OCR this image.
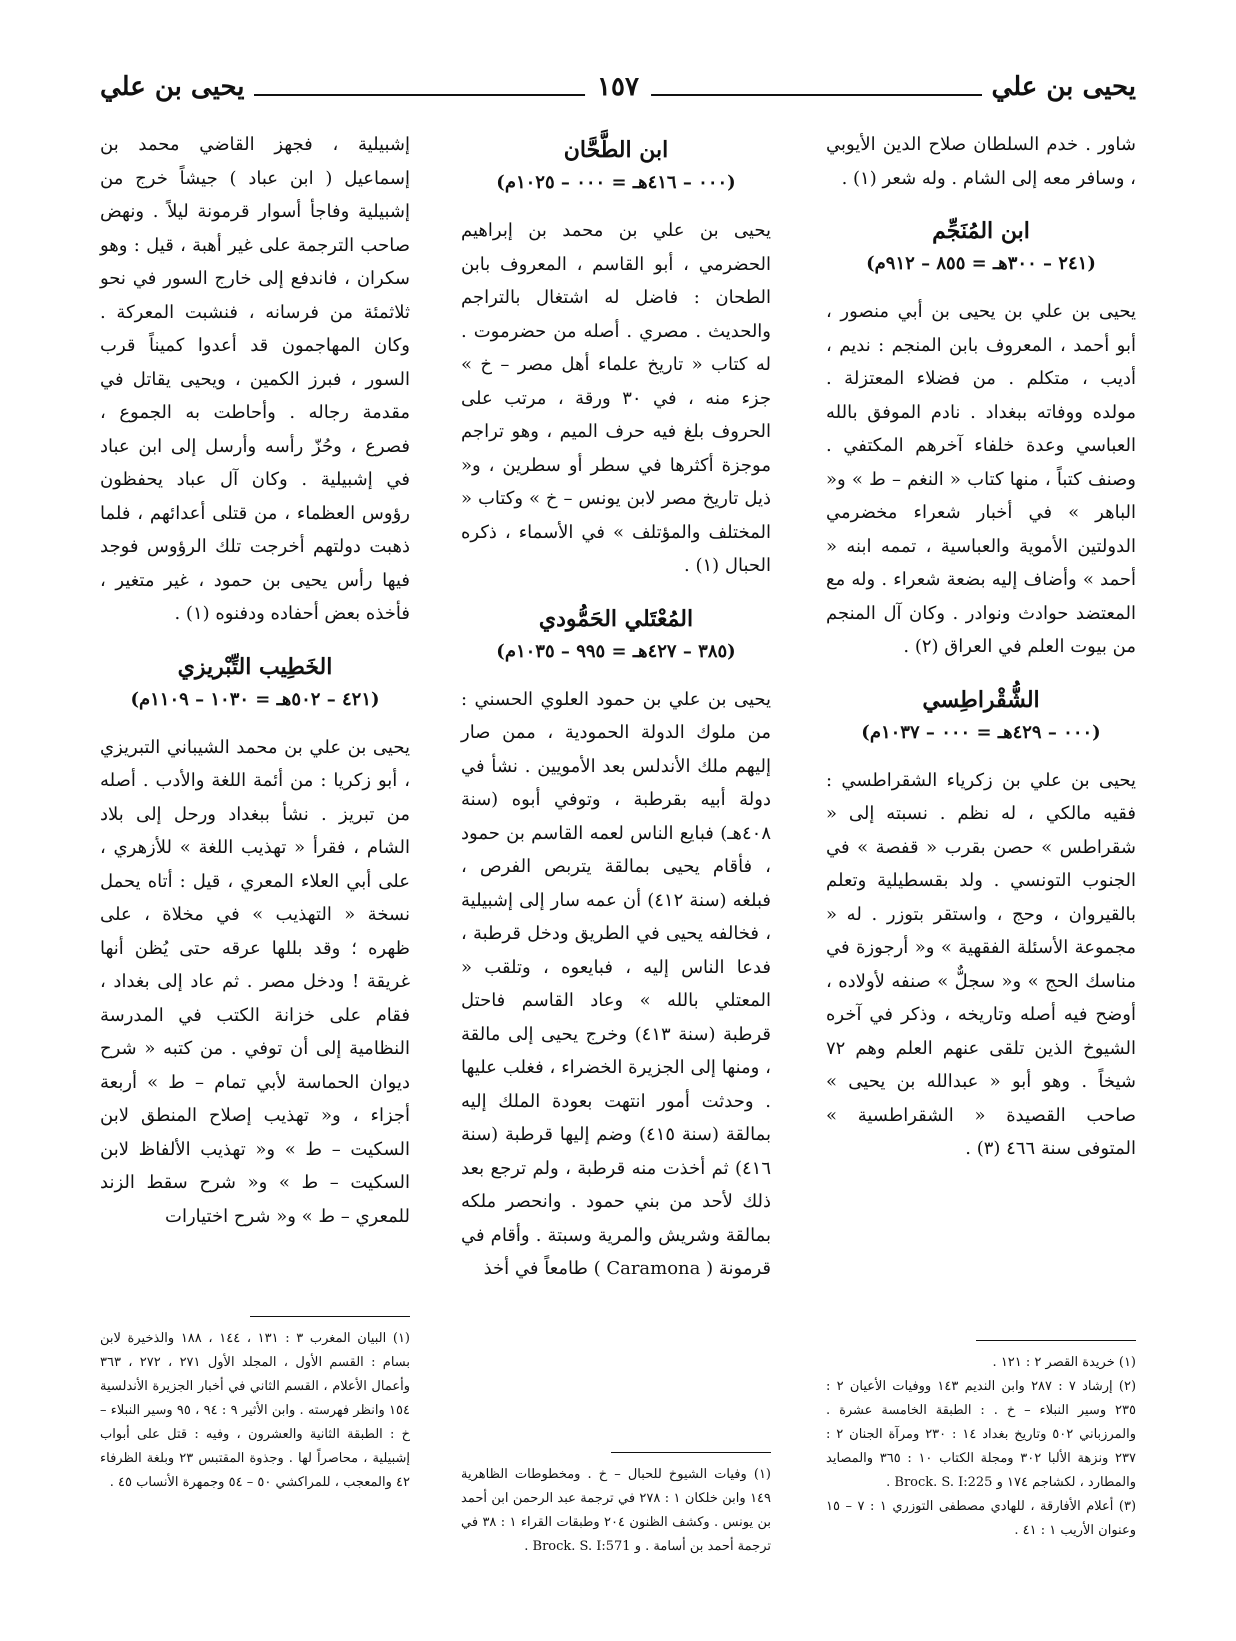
يحيى بن علي
١٥٧
يحيى بن علي

شاور . خدم السلطان صلاح الدين الأيوبي ، وسافر معه إلى الشام . وله شعر (١) .

ابن المُنَجِّم
(٢٤١ – ٣٠٠هـ = ٨٥٥ – ٩١٢م)

يحيى بن علي بن يحيى بن أبي منصور ، أبو أحمد ، المعروف بابن المنجم : نديم ، أديب ، متكلم . من فضلاء المعتزلة . مولده ووفاته ببغداد . نادم الموفق بالله العباسي وعدة خلفاء آخرهم المكتفي . وصنف كتباً ، منها كتاب « النغم – ط » و« الباهر » في أخبار شعراء مخضرمي الدولتين الأموية والعباسية ، تممه ابنه « أحمد » وأضاف إليه بضعة شعراء . وله مع المعتضد حوادث ونوادر . وكان آل المنجم من بيوت العلم في العراق (٢) .

الشُّقْراطِسي
(٠٠٠ – ٤٢٩هـ = ٠٠٠ – ١٠٣٧م)

يحيى بن علي بن زكرياء الشقراطسي : فقيه مالكي ، له نظم . نسبته إلى « شقراطس » حصن بقرب « قفصة » في الجنوب التونسي . ولد بقسطيلية وتعلم بالقيروان ، وحج ، واستقر بتوزر . له « مجموعة الأسئلة الفقهية » و« أرجوزة في مناسك الحج » و« سجلٌّ » صنفه لأولاده ، أوضح فيه أصله وتاريخه ، وذكر في آخره الشيوخ الذين تلقى عنهم العلم وهم ٧٢ شيخاً . وهو أبو « عبدالله بن يحيى » صاحب القصيدة « الشقراطسية » المتوفى سنة ٤٦٦ (٣) .

(١) خريدة القصر ٢ : ١٢١ .

(٢) إرشاد ٧ : ٢٨٧ وابن النديم ١٤٣ ووفيات الأعيان ٢ : ٢٣٥ وسير النبلاء – خ . : الطبقة الخامسة عشرة . والمرزباني ٥٠٢ وتاريخ بغداد ١٤ : ٢٣٠ ومرآة الجنان ٢ : ٢٣٧ ونزهة الألبا ٣٠٢ ومجلة الكتاب ١٠ : ٣٦٥ والمصايد والمطارد ، لكشاجم ١٧٤ و Brock. S. I:225 .

(٣) أعلام الأفارقة ، للهادي مصطفى التوزري ١ : ٧ – ١٥ وعنوان الأريب ١ : ٤١ .

ابن الطَّحَّان
(٠٠٠ – ٤١٦هـ = ٠٠٠ – ١٠٢٥م)

يحيى بن علي بن محمد بن إبراهيم الحضرمي ، أبو القاسم ، المعروف بابن الطحان : فاضل له اشتغال بالتراجم والحديث . مصري . أصله من حضرموت . له كتاب « تاريخ علماء أهل مصر – خ » جزء منه ، في ٣٠ ورقة ، مرتب على الحروف بلغ فيه حرف الميم ، وهو تراجم موجزة أكثرها في سطر أو سطرين ، و« ذيل تاريخ مصر لابن يونس – خ » وكتاب « المختلف والمؤتلف » في الأسماء ، ذكره الحبال (١) .

المُعْتَلي الحَمُّودي
(٣٨٥ – ٤٢٧هـ = ٩٩٥ – ١٠٣٥م)

يحيى بن علي بن حمود العلوي الحسني : من ملوك الدولة الحمودية ، ممن صار إليهم ملك الأندلس بعد الأمويين . نشأ في دولة أبيه بقرطبة ، وتوفي أبوه (سنة ٤٠٨هـ) فبايع الناس لعمه القاسم بن حمود ، فأقام يحيى بمالقة يتربص الفرص ، فبلغه (سنة ٤١٢) أن عمه سار إلى إشبيلية ، فخالفه يحيى في الطريق ودخل قرطبة ، فدعا الناس إليه ، فبايعوه ، وتلقب « المعتلي بالله » وعاد القاسم فاحتل قرطبة (سنة ٤١٣) وخرج يحيى إلى مالقة ، ومنها إلى الجزيرة الخضراء ، فغلب عليها . وحدثت أمور انتهت بعودة الملك إليه بمالقة (سنة ٤١٥) وضم إليها قرطبة (سنة ٤١٦) ثم أخذت منه قرطبة ، ولم ترجع بعد ذلك لأحد من بني حمود . وانحصر ملكه بمالقة وشريش والمرية وسبتة . وأقام في قرمونة ( Caramona ) طامعاً في أخذ

(١) وفيات الشيوخ للحبال – خ . ومخطوطات الظاهرية ١٤٩ وابن خلكان ١ : ٢٧٨ في ترجمة عبد الرحمن ابن أحمد بن يونس . وكشف الظنون ٢٠٤ وطبقات القراء ١ : ٣٨ في ترجمة أحمد بن أسامة . و Brock. S. I:571 .

إشبيلية ، فجهز القاضي محمد بن إسماعيل ( ابن عباد ) جيشاً خرج من إشبيلية وفاجأ أسوار قرمونة ليلاً . ونهض صاحب الترجمة على غير أهبة ، قيل : وهو سكران ، فاندفع إلى خارج السور في نحو ثلاثمئة من فرسانه ، فنشبت المعركة . وكان المهاجمون قد أعدوا كميناً قرب السور ، فبرز الكمين ، ويحيى يقاتل في مقدمة رجاله . وأحاطت به الجموع ، فصرع ، وحُزّ رأسه وأرسل إلى ابن عباد في إشبيلية . وكان آل عباد يحفظون رؤوس العظماء ، من قتلى أعدائهم ، فلما ذهبت دولتهم أخرجت تلك الرؤوس فوجد فيها رأس يحيى بن حمود ، غير متغير ، فأخذه بعض أحفاده ودفنوه (١) .

الخَطِيب التِّبْريزي
(٤٢١ – ٥٠٢هـ = ١٠٣٠ – ١١٠٩م)

يحيى بن علي بن محمد الشيباني التبريزي ، أبو زكريا : من أئمة اللغة والأدب . أصله من تبريز . نشأ ببغداد ورحل إلى بلاد الشام ، فقرأ « تهذيب اللغة » للأزهري ، على أبي العلاء المعري ، قيل : أتاه يحمل نسخة « التهذيب » في مخلاة ، على ظهره ؛ وقد بللها عرقه حتى يُظن أنها غريقة ! ودخل مصر . ثم عاد إلى بغداد ، فقام على خزانة الكتب في المدرسة النظامية إلى أن توفي . من كتبه « شرح ديوان الحماسة لأبي تمام – ط » أربعة أجزاء ، و« تهذيب إصلاح المنطق لابن السكيت – ط » و« تهذيب الألفاظ لابن السكيت – ط » و« شرح سقط الزند للمعري – ط » و« شرح اختيارات

(١) البيان المغرب ٣ : ١٣١ ، ١٤٤ ، ١٨٨ والذخيرة لابن بسام : القسم الأول ، المجلد الأول ٢٧١ ، ٢٧٢ ، ٣٦٣ وأعمال الأعلام ، القسم الثاني في أخبار الجزيرة الأندلسية ١٥٤ وانظر فهرسته . وابن الأثير ٩ : ٩٤ ، ٩٥ وسير النبلاء – خ : الطبقة الثانية والعشرون ، وفيه : قتل على أبواب إشبيلية ، محاصراً لها . وجذوة المقتبس ٢٣ وبلغة الظرفاء ٤٢ والمعجب ، للمراكشي ٥٠ – ٥٤ وجمهرة الأنساب ٤٥ .
